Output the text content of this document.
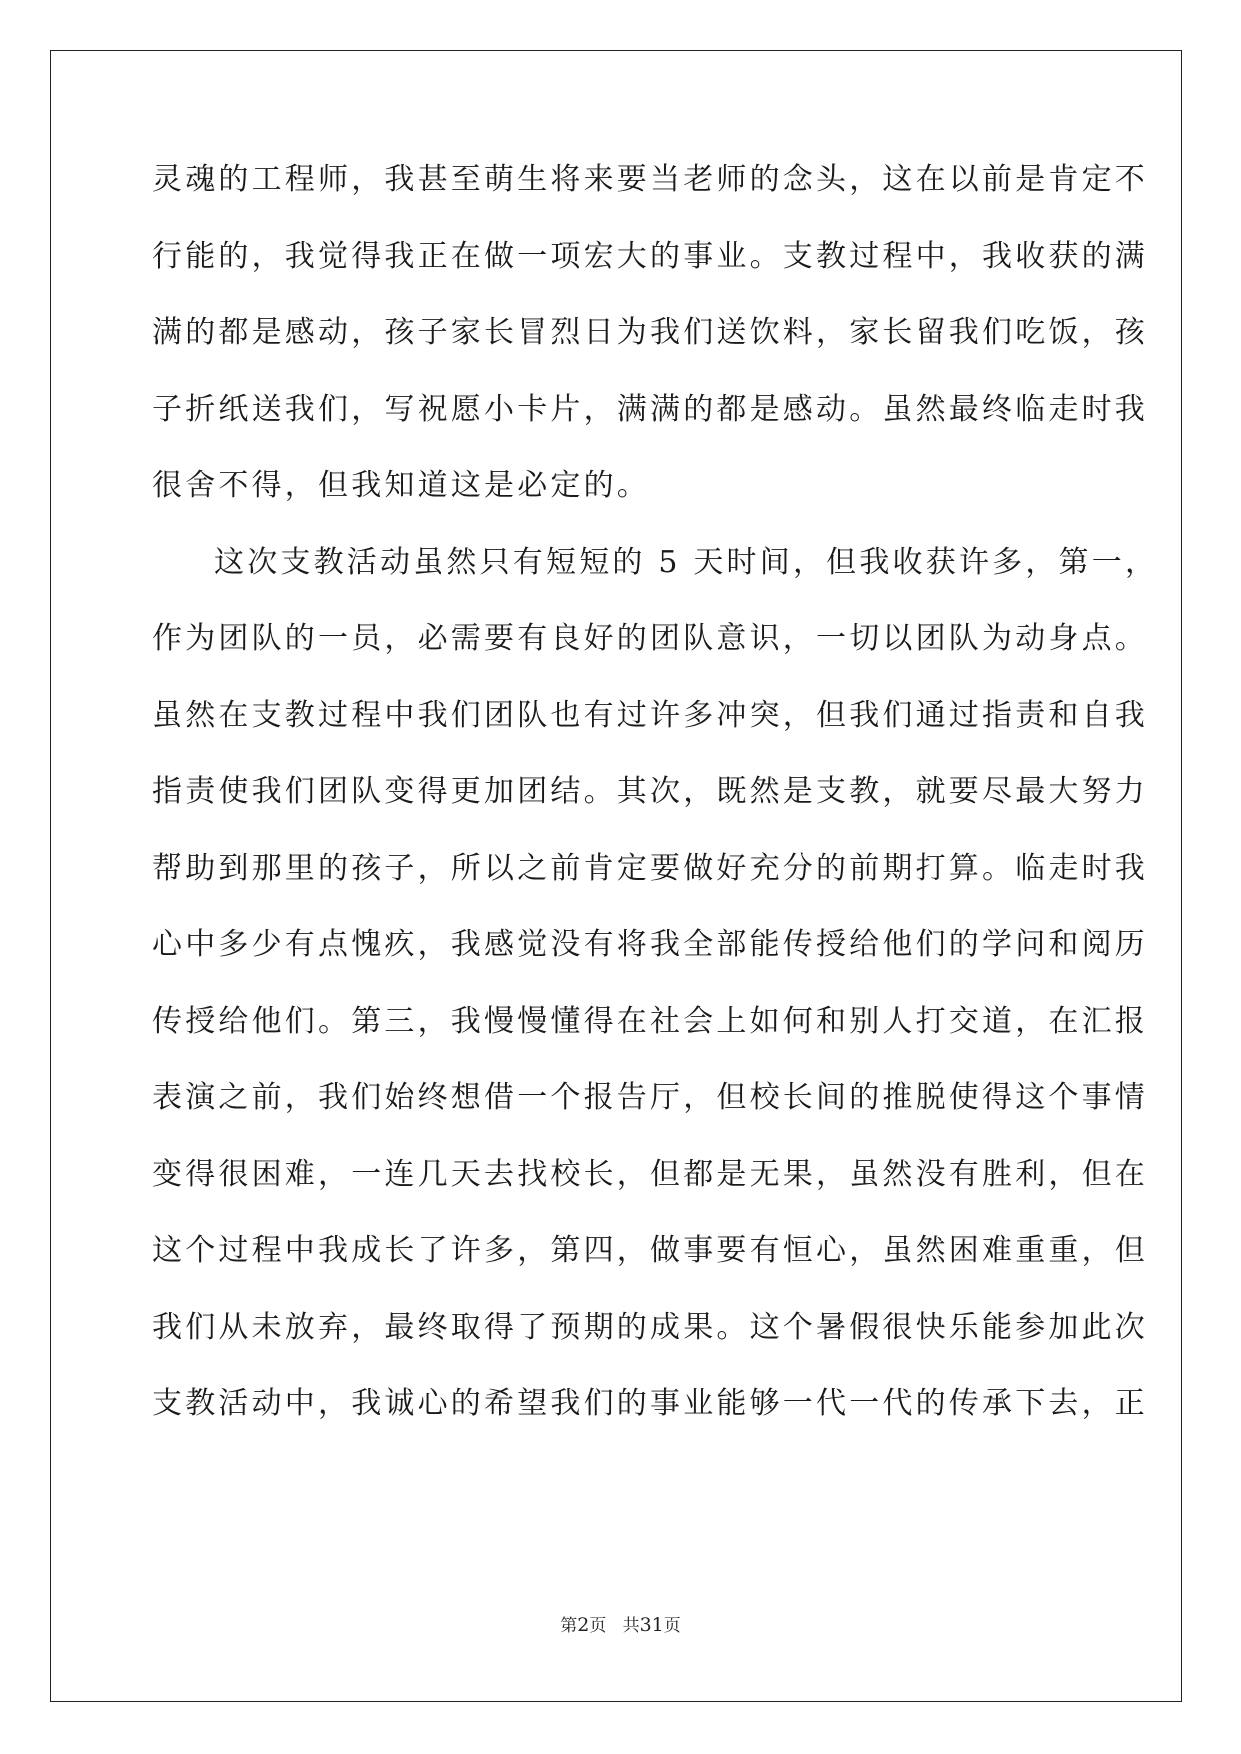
灵魂的工程师，我甚至萌生将来要当老师的念头，这在以前是肯定不
行能的，我觉得我正在做一项宏大的事业。支教过程中，我收获的满
满的都是感动，孩子家长冒烈日为我们送饮料，家长留我们吃饭，孩
子折纸送我们，写祝愿小卡片，满满的都是感动。虽然最终临走时我
很舍不得，但我知道这是必定的。
这次支教活动虽然只有短短的 5 天时间，但我收获许多，第一，
作为团队的一员，必需要有良好的团队意识，一切以团队为动身点。
虽然在支教过程中我们团队也有过许多冲突，但我们通过指责和自我
指责使我们团队变得更加团结。其次，既然是支教，就要尽最大努力
帮助到那里的孩子，所以之前肯定要做好充分的前期打算。临走时我
心中多少有点愧疚，我感觉没有将我全部能传授给他们的学问和阅历
传授给他们。第三，我慢慢懂得在社会上如何和别人打交道，在汇报
表演之前，我们始终想借一个报告厅，但校长间的推脱使得这个事情
变得很困难，一连几天去找校长，但都是无果，虽然没有胜利，但在
这个过程中我成长了许多，第四，做事要有恒心，虽然困难重重，但
我们从未放弃，最终取得了预期的成果。这个暑假很快乐能参加此次
支教活动中，我诚心的希望我们的事业能够一代一代的传承下去，正
第2页 共31页
